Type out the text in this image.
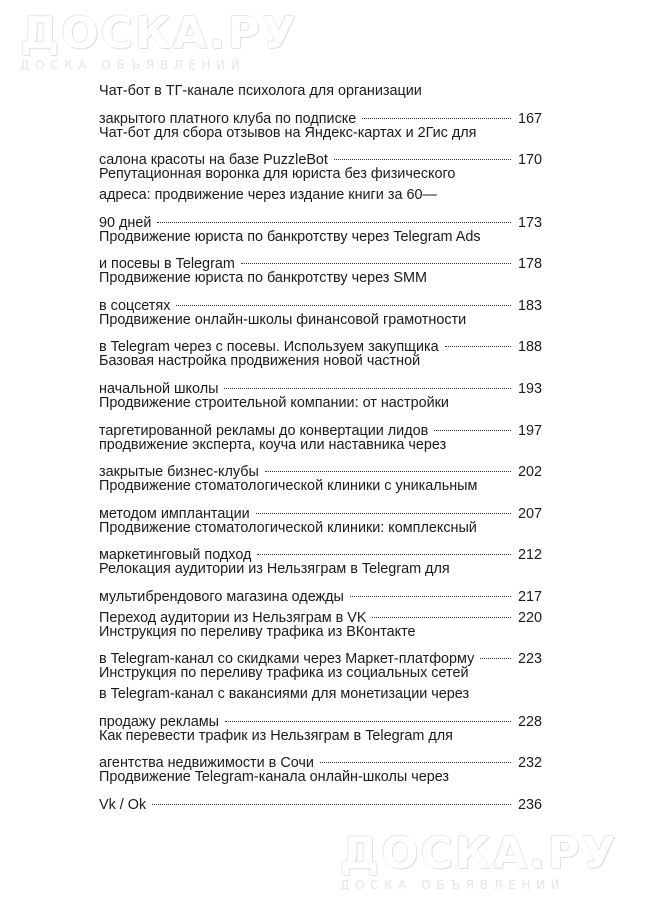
ДОСКА.РУ
ДОСКА ОБЪЯВЛЕНИЙ
Чат-бот в ТГ-канале психолога для организации
закрытого платного клуба по подписке	167
Чат-бот для сбора отзывов на Яндекс-картах и 2Гис для
салона красоты на базе PuzzleBot	170
Репутационная воронка для юриста без физического
адреса: продвижение через издание книги за 60—
90 дней	173
Продвижение юриста по банкротству через Telegram Ads
и посевы в Telegram	178
Продвижение юриста по банкротству через SMM
в соцсетях	183
Продвижение онлайн-школы финансовой грамотности
в Telegram через с посевы. Используем закупщика	188
Базовая настройка продвижения новой частной
начальной школы	193
Продвижение строительной компании: от настройки
таргетированной рекламы до конвертации лидов	197
продвижение эксперта, коуча или наставника через
закрытые бизнес-клубы	202
Продвижение стоматологической клиники с уникальным
методом имплантации	207
Продвижение стоматологической клиники: комплексный
маркетинговый подход	212
Релокация аудитории из Нельзяграм в Telegram для
мультибрендового магазина одежды	217
Переход аудитории из Нельзяграм в VK	220
Инструкция по переливу трафика из ВКонтакте
в Telegram-канал со скидками через Маркет-платформу	223
Инструкция по переливу трафика из социальных сетей
в Telegram-канал с вакансиями для монетизации через
продажу рекламы	228
Как перевести трафик из Нельзяграм в Telegram для
агентства недвижимости в Сочи	232
Продвижение Telegram-канала онлайн-школы через
Vk / Ok	236
ДОСКА.РУ
ДОСКА ОБЪЯВЛЕНИЙ
